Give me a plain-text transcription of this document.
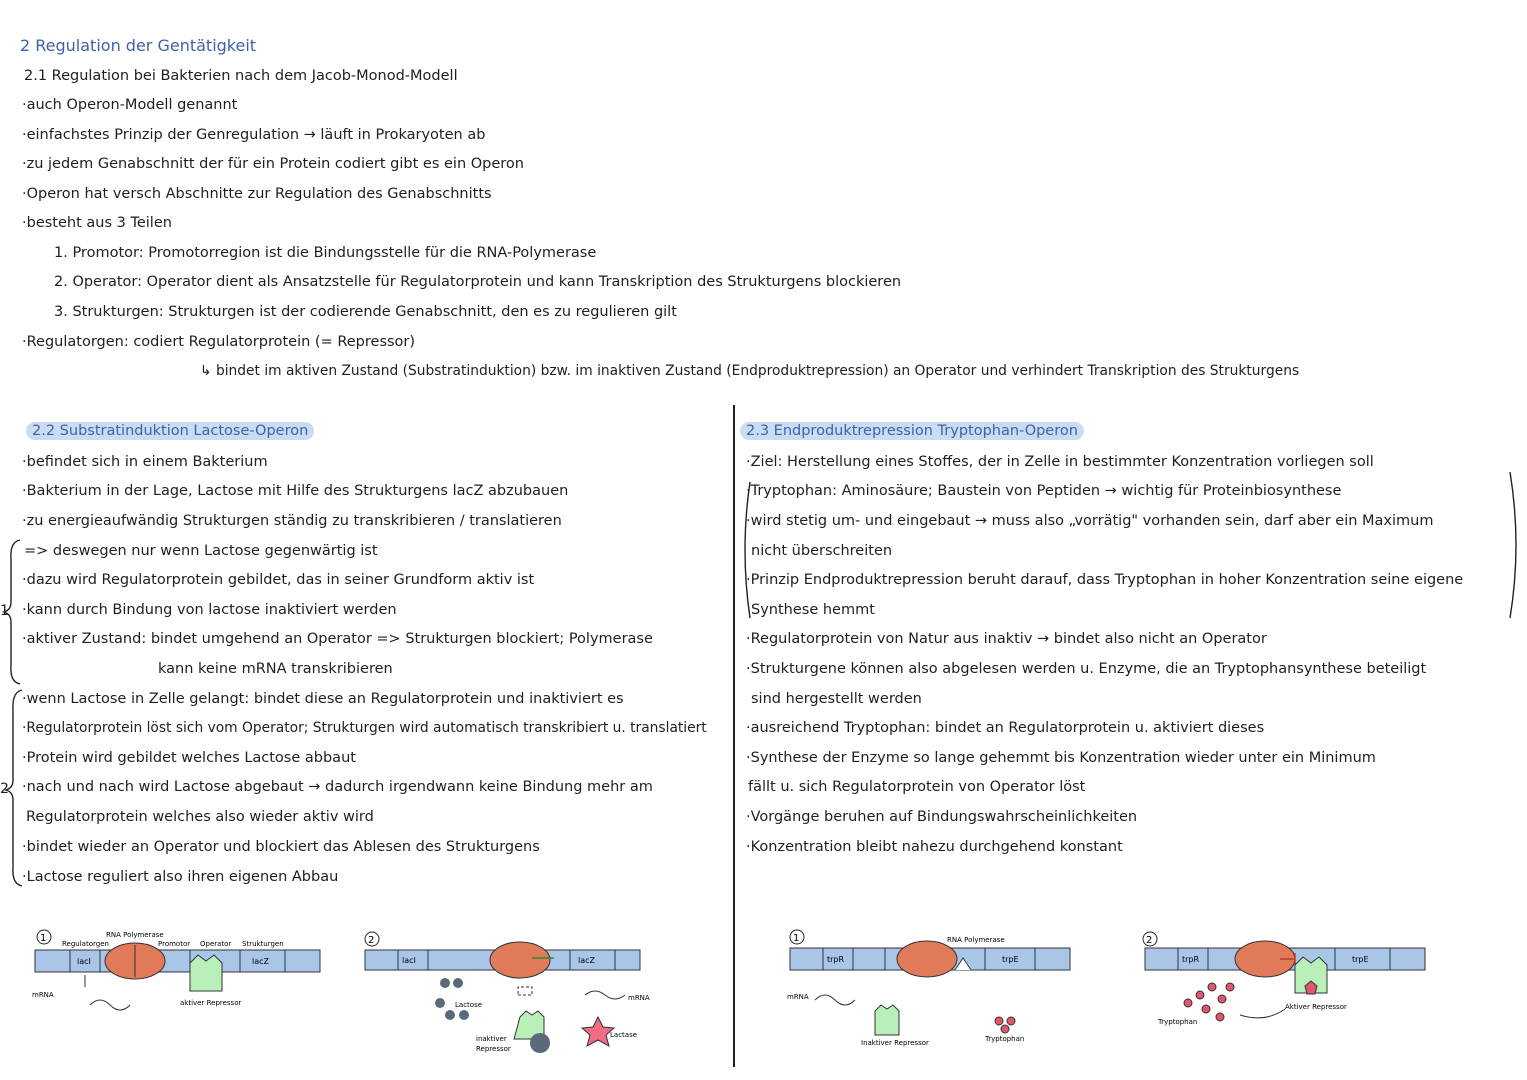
2 Regulation der Gentätigkeit
2.1 Regulation bei Bakterien nach dem Jacob-Monod-Modell
·auch Operon-Modell genannt
·einfachstes Prinzip der Genregulation → läuft in Prokaryoten ab
·zu jedem Genabschnitt der für ein Protein codiert gibt es ein Operon
·Operon hat versch Abschnitte zur Regulation des Genabschnitts
·besteht aus 3 Teilen
1. Promotor: Promotorregion ist die Bindungsstelle für die RNA-Polymerase
2. Operator: Operator dient als Ansatzstelle für Regulatorprotein und kann Transkription des Strukturgens blockieren
3. Strukturgen: Strukturgen ist der codierende Genabschnitt, den es zu regulieren gilt
·Regulatorgen: codiert Regulatorprotein (= Repressor)
↳ bindet im aktiven Zustand (Substratinduktion) bzw. im inaktiven Zustand (Endproduktrepression) an Operator und verhindert Transkription des Strukturgens
2.2 Substratinduktion Lactose-Operon
·befindet sich in einem Bakterium
·Bakterium in der Lage, Lactose mit Hilfe des Strukturgens lacZ abzubauen
·zu energieaufwändig Strukturgen ständig zu transkribieren / translatieren
=> deswegen nur wenn Lactose gegenwärtig ist
·dazu wird Regulatorprotein gebildet, das in seiner Grundform aktiv ist
·kann durch Bindung von lactose inaktiviert werden
·aktiver Zustand: bindet umgehend an Operator => Strukturgen blockiert; Polymerase
kann keine mRNA transkribieren
·wenn Lactose in Zelle gelangt: bindet diese an Regulatorprotein und inaktiviert es
·Regulatorprotein löst sich vom Operator; Strukturgen wird automatisch transkribiert u. translatiert
·Protein wird gebildet welches Lactose abbaut
·nach und nach wird Lactose abgebaut → dadurch irgendwann keine Bindung mehr am
Regulatorprotein welches also wieder aktiv wird
·bindet wieder an Operator und blockiert das Ablesen des Strukturgens
·Lactose reguliert also ihren eigenen Abbau
1
2
2.3 Endproduktrepression Tryptophan-Operon
·Ziel: Herstellung eines Stoffes, der in Zelle in bestimmter Konzentration vorliegen soll
·Tryptophan: Aminosäure; Baustein von Peptiden → wichtig für Proteinbiosynthese
·wird stetig um- und eingebaut → muss also „vorrätig" vorhanden sein, darf aber ein Maximum
nicht überschreiten
·Prinzip Endproduktrepression beruht darauf, dass Tryptophan in hoher Konzentration seine eigene
Synthese hemmt
·Regulatorprotein von Natur aus inaktiv → bindet also nicht an Operator
·Strukturgene können also abgelesen werden u. Enzyme, die an Tryptophansynthese beteiligt
sind hergestellt werden
·ausreichend Tryptophan: bindet an Regulatorprotein u. aktiviert dieses
·Synthese der Enzyme so lange gehemmt bis Konzentration wieder unter ein Minimum
fällt u. sich Regulatorprotein von Operator löst
·Vorgänge beruhen auf Bindungswahrscheinlichkeiten
·Konzentration bleibt nahezu durchgehend konstant
1 Regulatorgen
RNA Polymerase
Promotor Operator Strukturgen
lacI	lacZ
mRNA
aktiver Repressor
2
lacI	lacZ
Lactose
mRNA
inaktiver
Repressor
Lactase
1	RNA Polymerase
trpR	trpE
mRNA
Inaktiver Repressor	Tryptophan
2
trpR	trpE
Aktiver Repressor
Tryptophan
